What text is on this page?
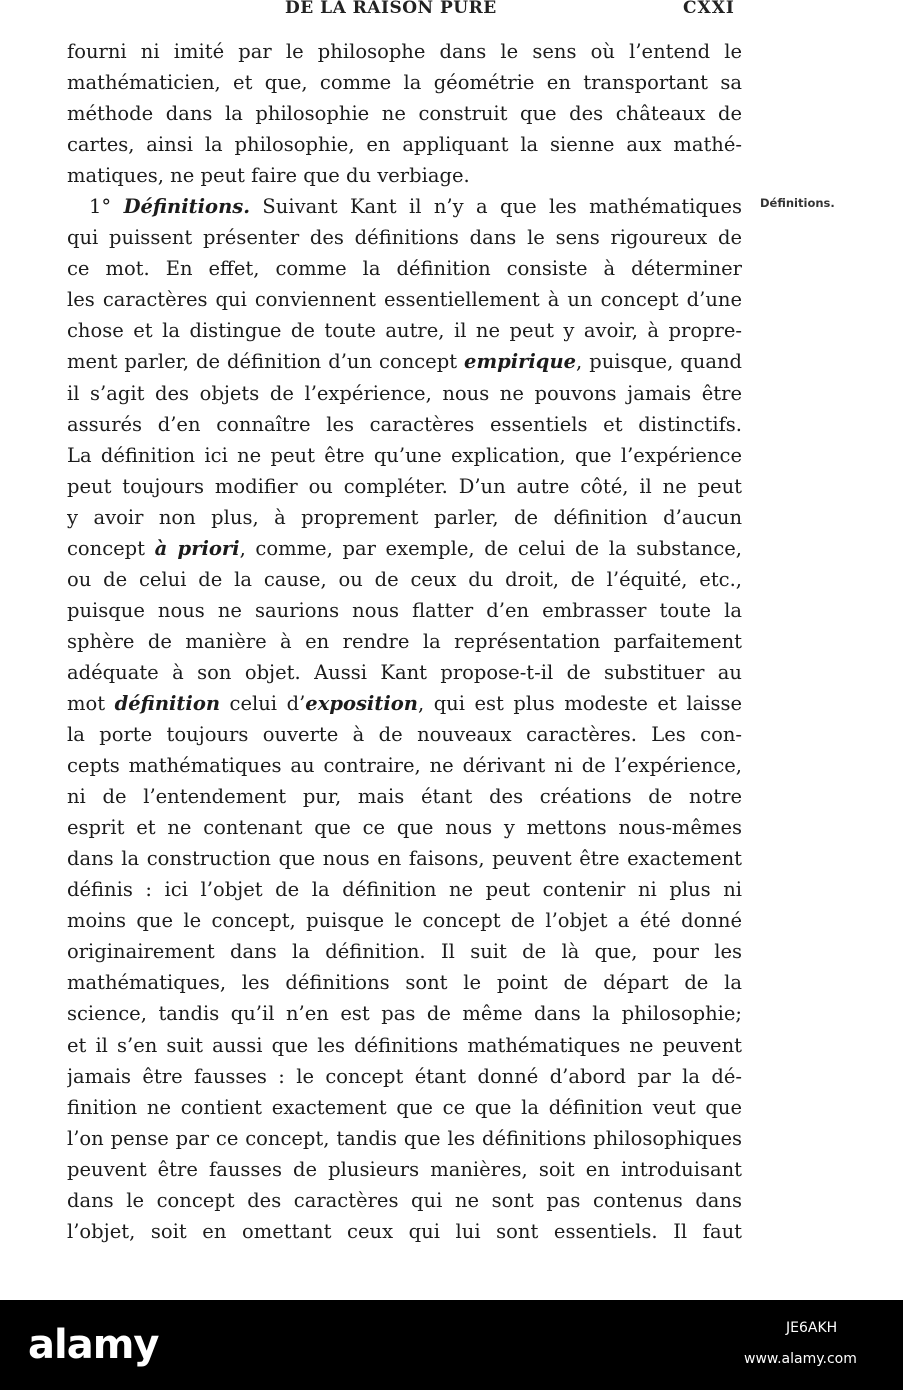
DE LA RAISON PURE	CXXI
Définitions.
fourni ni imité par le philosophe dans le sens où l’entend le
mathématicien, et que, comme la géométrie en transportant sa
méthode dans la philosophie ne construit que des châteaux de
cartes, ainsi la philosophie, en appliquant la sienne aux mathé-
matiques, ne peut faire que du verbiage.
1° Définitions. Suivant Kant il n’y a que les mathématiques
qui puissent présenter des définitions dans le sens rigoureux de
ce mot. En effet, comme la définition consiste à déterminer
les caractères qui conviennent essentiellement à un concept d’une
chose et la distingue de toute autre, il ne peut y avoir, à propre-
ment parler, de définition d’un concept empirique, puisque, quand
il s’agit des objets de l’expérience, nous ne pouvons jamais être
assurés d’en connaître les caractères essentiels et distinctifs.
La définition ici ne peut être qu’une explication, que l’expérience
peut toujours modifier ou compléter. D’un autre côté, il ne peut
y avoir non plus, à proprement parler, de définition d’aucun
concept à priori, comme, par exemple, de celui de la substance,
ou de celui de la cause, ou de ceux du droit, de l’équité, etc.,
puisque nous ne saurions nous flatter d’en embrasser toute la
sphère de manière à en rendre la représentation parfaitement
adéquate à son objet. Aussi Kant propose-t-il de substituer au
mot définition celui d’exposition, qui est plus modeste et laisse
la porte toujours ouverte à de nouveaux caractères. Les con-
cepts mathématiques au contraire, ne dérivant ni de l’expérience,
ni de l’entendement pur, mais étant des créations de notre
esprit et ne contenant que ce que nous y mettons nous-mêmes
dans la construction que nous en faisons, peuvent être exactement
définis : ici l’objet de la définition ne peut contenir ni plus ni
moins que le concept, puisque le concept de l’objet a été donné
originairement dans la définition. Il suit de là que, pour les
mathématiques, les définitions sont le point de départ de la
science, tandis qu’il n’en est pas de même dans la philosophie;
et il s’en suit aussi que les définitions mathématiques ne peuvent
jamais être fausses : le concept étant donné d’abord par la dé-
finition ne contient exactement que ce que la définition veut que
l’on pense par ce concept, tandis que les définitions philosophiques
peuvent être fausses de plusieurs manières, soit en introduisant
dans le concept des caractères qui ne sont pas contenus dans
l’objet, soit en omettant ceux qui lui sont essentiels. Il faut
alamy	JE6AKH
www.alamy.com
